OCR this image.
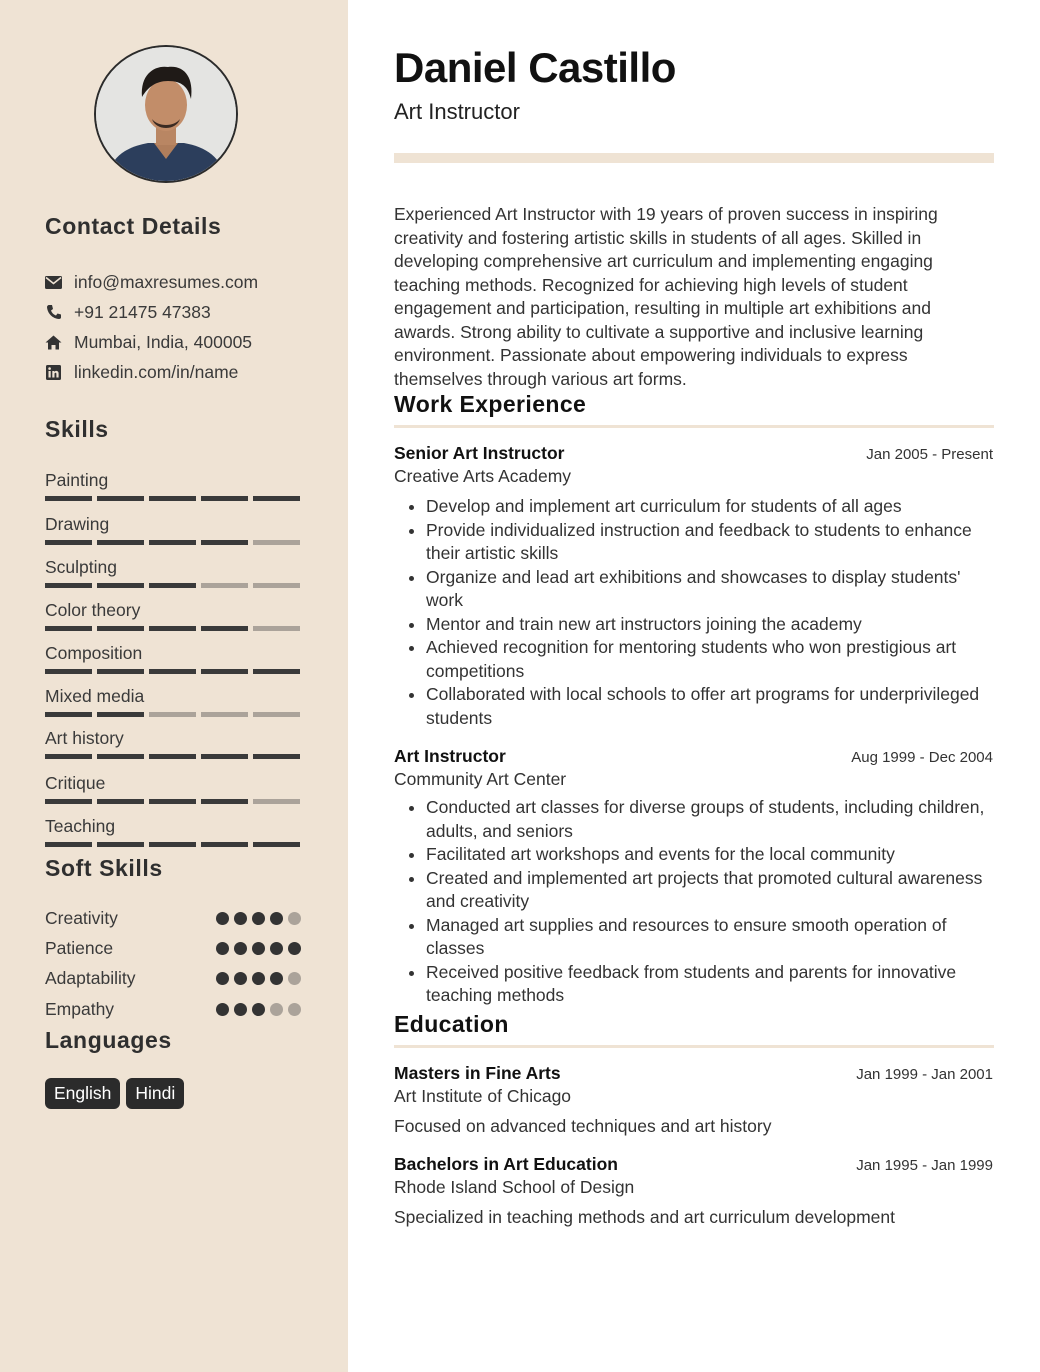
Contact Details
info@maxresumes.com
+91 21475 47383
Mumbai, India, 400005
linkedin.com/in/name
Skills
Painting
Drawing
Sculpting
Color theory
Composition
Mixed media
Art history
Critique
Teaching
Soft Skills
Creativity
Patience
Adaptability
Empathy
Languages
English	Hindi
Daniel Castillo
Art Instructor
Experienced Art Instructor with 19 years of proven success in inspiring creativity and fostering artistic skills in students of all ages. Skilled in developing comprehensive art curriculum and implementing engaging teaching methods. Recognized for achieving high levels of student engagement and participation, resulting in multiple art exhibitions and awards. Strong ability to cultivate a supportive and inclusive learning environment. Passionate about empowering individuals to express themselves through various art forms.
Work Experience
Senior Art Instructor	Jan 2005 - Present
Creative Arts Academy
• Develop and implement art curriculum for students of all ages
• Provide individualized instruction and feedback to students to enhance their artistic skills
• Organize and lead art exhibitions and showcases to display students' work
• Mentor and train new art instructors joining the academy
• Achieved recognition for mentoring students who won prestigious art competitions
• Collaborated with local schools to offer art programs for underprivileged students
Art Instructor	Aug 1999 - Dec 2004
Community Art Center
• Conducted art classes for diverse groups of students, including children, adults, and seniors
• Facilitated art workshops and events for the local community
• Created and implemented art projects that promoted cultural awareness and creativity
• Managed art supplies and resources to ensure smooth operation of classes
• Received positive feedback from students and parents for innovative teaching methods
Education
Masters in Fine Arts	Jan 1999 - Jan 2001
Art Institute of Chicago
Focused on advanced techniques and art history
Bachelors in Art Education	Jan 1995 - Jan 1999
Rhode Island School of Design
Specialized in teaching methods and art curriculum development
